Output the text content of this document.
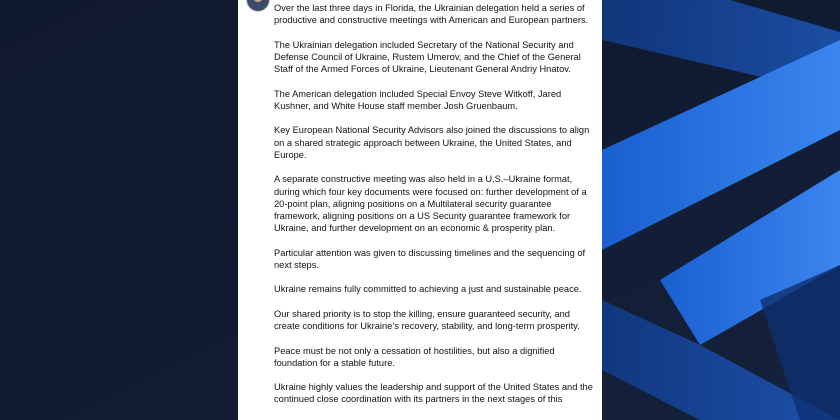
Over the last three days in Florida, the Ukrainian delegation held a series of productive and constructive meetings with American and European partners.

The Ukrainian delegation included Secretary of the National Security and Defense Council of Ukraine, Rustem Umerov, and the Chief of the General Staff of the Armed Forces of Ukraine, Lieutenant General Andriy Hnatov.

The American delegation included Special Envoy Steve Witkoff, Jared Kushner, and White House staff member Josh Gruenbaum.

Key European National Security Advisors also joined the discussions to align on a shared strategic approach between Ukraine, the United States, and Europe.

A separate constructive meeting was also held in a U.S.–Ukraine format, during which four key documents were focused on: further development of a 20-point plan, aligning positions on a Multilateral security guarantee framework, aligning positions on a US Security guarantee framework for Ukraine, and further development on an economic & prosperity plan.

Particular attention was given to discussing timelines and the sequencing of next steps.

Ukraine remains fully committed to achieving a just and sustainable peace.

Our shared priority is to stop the killing, ensure guaranteed security, and create conditions for Ukraine’s recovery, stability, and long-term prosperity.

Peace must be not only a cessation of hostilities, but also a dignified foundation for a stable future.

Ukraine highly values the leadership and support of the United States and the continued close coordination with its partners in the next stages of this
